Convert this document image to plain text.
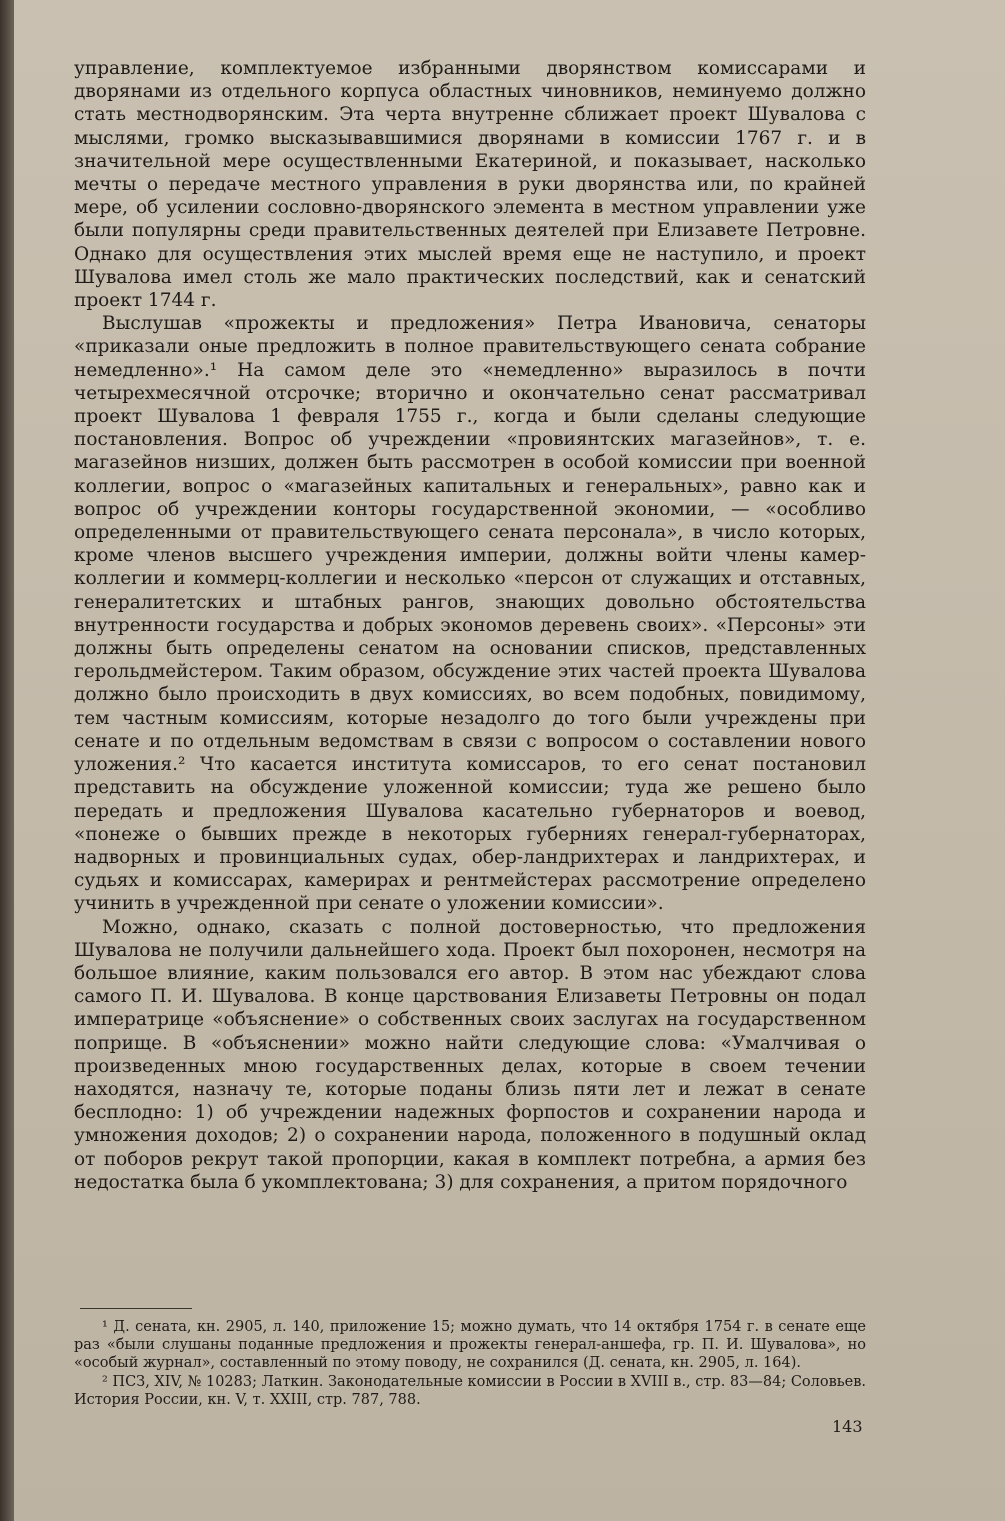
управление, комплектуемое избранными дворянством комиссарами и дворянами из отдельного корпуса областных чиновников, неминуемо должно стать местнодворянским. Эта черта внутренне сближает проект Шувалова с мыслями, громко высказывавшимися дворянами в комиссии 1767 г. и в значительной мере осуществленными Екатериной, и показывает, насколько мечты о передаче местного управления в руки дворянства или, по крайней мере, об усилении сословно-дворянского элемента в местном управлении уже были популярны среди правительственных деятелей при Елизавете Петровне. Однако для осуществления этих мыслей время еще не наступило, и проект Шувалова имел столь же мало практических последствий, как и сенатский проект 1744 г.

Выслушав «прожекты и предложения» Петра Ивановича, сенаторы «приказали оные предложить в полное правительствующего сената собрание немедленно».¹ На самом деле это «немедленно» выразилось в почти четырехмесячной отсрочке; вторично и окончательно сенат рассматривал проект Шувалова 1 февраля 1755 г., когда и были сделаны следующие постановления. Вопрос об учреждении «провиянтских магазейнов», т. е. магазейнов низших, должен быть рассмотрен в особой комиссии при военной коллегии, вопрос о «магазейных капитальных и генеральных», равно как и вопрос об учреждении конторы государственной экономии, — «особливо определенными от правительствующего сената персонала», в число которых, кроме членов высшего учреждения империи, должны войти члены камер-коллегии и коммерц-коллегии и несколько «персон от служащих и отставных, генералитетских и штабных рангов, знающих довольно обстоятельства внутренности государства и добрых экономов деревень своих». «Персоны» эти должны быть определены сенатом на основании списков, представленных герольдмейстером. Таким образом, обсуждение этих частей проекта Шувалова должно было происходить в двух комиссиях, во всем подобных, повидимому, тем частным комиссиям, которые незадолго до того были учреждены при сенате и по отдельным ведомствам в связи с вопросом о составлении нового уложения.² Что касается института комиссаров, то его сенат постановил представить на обсуждение уложенной комиссии; туда же решено было передать и предложения Шувалова касательно губернаторов и воевод, «понеже о бывших прежде в некоторых губерниях генерал-губернаторах, надворных и провинциальных судах, обер-ландрихтерах и ландрихтерах, и судьях и комиссарах, камерирах и рентмейстерах рассмотрение определено учинить в учрежденной при сенате о уложении комиссии».

Можно, однако, сказать с полной достоверностью, что предложения Шувалова не получили дальнейшего хода. Проект был похоронен, несмотря на большое влияние, каким пользовался его автор. В этом нас убеждают слова самого П. И. Шувалова. В конце царствования Елизаветы Петровны он подал императрице «объяснение» о собственных своих заслугах на государственном поприще. В «объяснении» можно найти следующие слова: «Умалчивая о произведенных мною государственных делах, которые в своем течении находятся, назначу те, которые поданы близь пяти лет и лежат в сенате бесплодно: 1) об учреждении надежных форпостов и сохранении народа и умножения доходов; 2) о сохранении народа, положенного в подушный оклад от поборов рекрут такой пропорции, какая в комплект потребна, а армия без недостатка была б укомплектована; 3) для сохранения, а притом порядочного

¹ Д. сената, кн. 2905, л. 140, приложение 15; можно думать, что 14 октября 1754 г. в сенате еще раз «были слушаны поданные предложения и прожекты генерал-аншефа, гр. П. И. Шувалова», но «особый журнал», составленный по этому поводу, не сохранился (Д. сената, кн. 2905, л. 164).

² ПСЗ, XIV, № 10283; Латкин. Законодательные комиссии в России в XVIII в., стр. 83—84; Соловьев. История России, кн. V, т. XXIII, стр. 787, 788.

143
